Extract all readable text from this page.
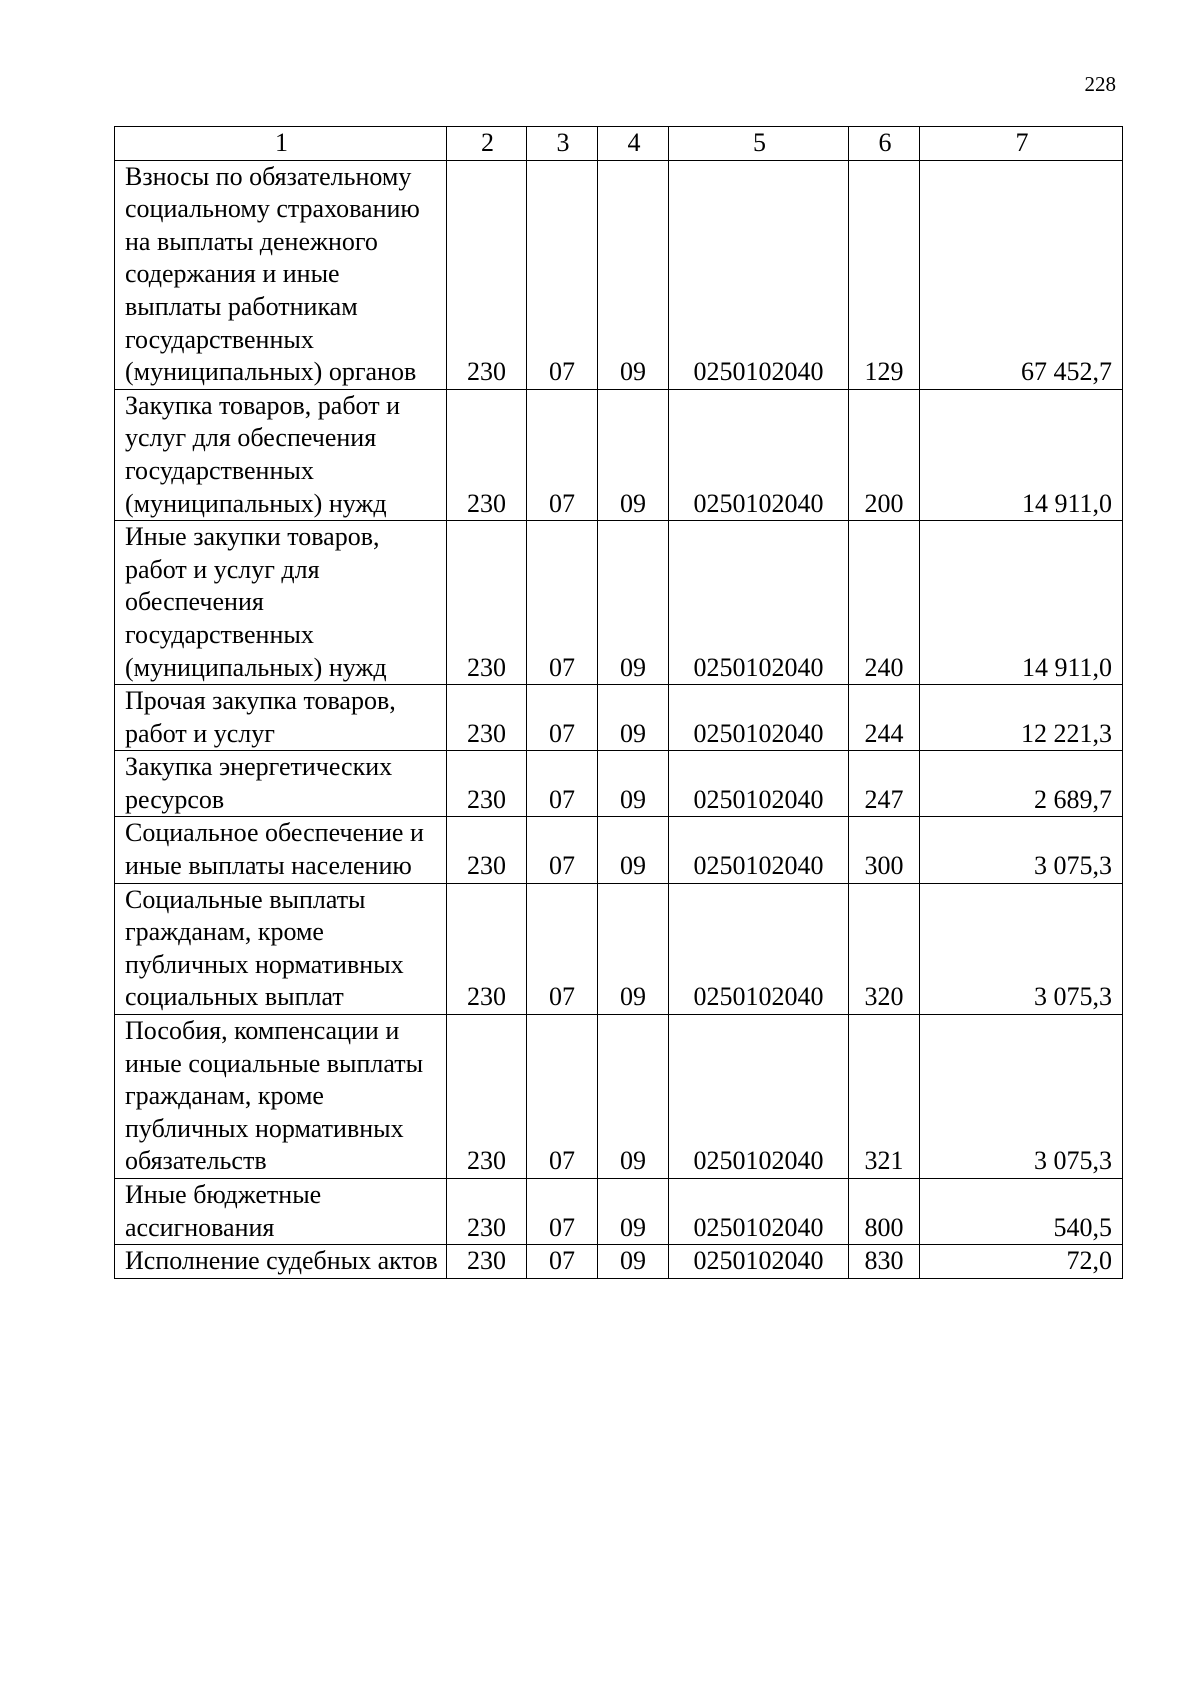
228
1	2	3	4	5	6	7
Взносы по обязательному социальному страхованию на выплаты денежного содержания и иные выплаты работникам государственных (муниципальных) органов	230	07	09	0250102040	129	67 452,7
Закупка товаров, работ и услуг для обеспечения государственных (муниципальных) нужд	230	07	09	0250102040	200	14 911,0
Иные закупки товаров, работ и услуг для обеспечения государственных (муниципальных) нужд	230	07	09	0250102040	240	14 911,0
Прочая закупка товаров, работ и услуг	230	07	09	0250102040	244	12 221,3
Закупка энергетических ресурсов	230	07	09	0250102040	247	2 689,7
Социальное обеспечение и иные выплаты населению	230	07	09	0250102040	300	3 075,3
Социальные выплаты гражданам, кроме публичных нормативных социальных выплат	230	07	09	0250102040	320	3 075,3
Пособия, компенсации и иные социальные выплаты гражданам, кроме публичных нормативных обязательств	230	07	09	0250102040	321	3 075,3
Иные бюджетные ассигнования	230	07	09	0250102040	800	540,5
Исполнение судебных актов	230	07	09	0250102040	830	72,0
